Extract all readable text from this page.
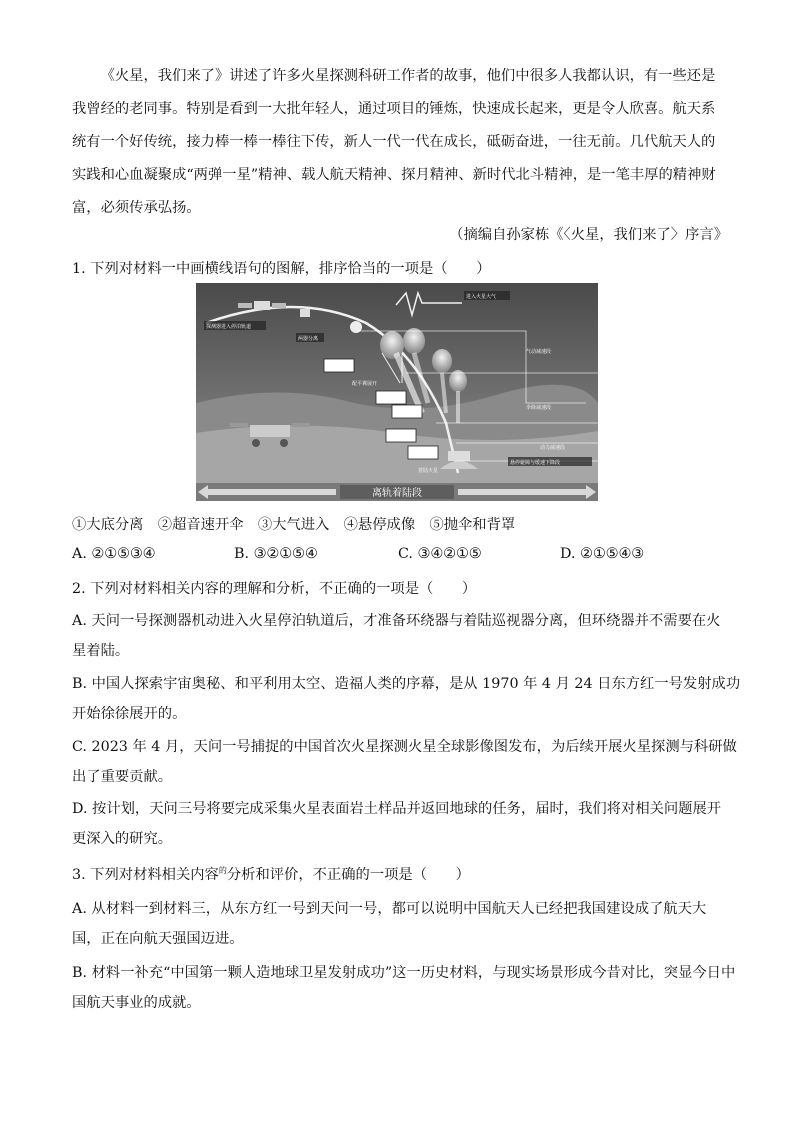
《火星，我们来了》讲述了许多火星探测科研工作者的故事，他们中很多人我都认识，有一些还是我曾经的老同事。特别是看到一大批年轻人，通过项目的锤炼，快速成长起来，更是令人欣喜。航天系统有一个好传统，接力棒一棒一棒往下传，新人一代一代在成长，砥砺奋进，一往无前。几代航天人的实践和心血凝聚成“两弹一星”精神、载人航天精神、探月精神、新时代北斗精神，是一笔丰厚的精神财富，必须传承弘扬。

（摘编自孙家栋《〈火星，我们来了〉序言》

1. 下列对材料一中画横线语句的图解，排序恰当的一项是（　　）

探测器进入停泊轨道
两器分离
进入火星大气
气动减速段
伞降减速段
配平翼展开
动力减速段
悬停避障与缓速下降段
着陆火星
离轨着陆段

①大底分离　②超音速开伞　③大气进入　④悬停成像　⑤抛伞和背罩

A. ②①⑤③④	B. ③②①⑤④	C. ③④②①⑤	D. ②①⑤④③

2. 下列对材料相关内容的理解和分析，不正确的一项是（　　）

A. 天问一号探测器机动进入火星停泊轨道后，才准备环绕器与着陆巡视器分离，但环绕器并不需要在火

星着陆。

B. 中国人探索宇宙奥秘、和平利用太空、造福人类的序幕，是从 1970 年 4 月 24 日东方红一号发射成功

开始徐徐展开的。

C. 2023 年 4 月，天问一号捕捉的中国首次火星探测火星全球影像图发布，为后续开展火星探测与科研做

出了重要贡献。

D. 按计划，天问三号将要完成采集火星表面岩土样品并返回地球的任务，届时，我们将对相关问题展开

更深入的研究。

3. 下列对材料相关内容$^的$分析和评价，不正确的一项是（　　）

A. 从材料一到材料三，从东方红一号到天问一号，都可以说明中国航天人已经把我国建设成了航天大

国，正在向航天强国迈进。

B. 材料一补充“中国第一颗人造地球卫星发射成功”这一历史材料，与现实场景形成今昔对比，突显今日中

国航天事业的成就。
